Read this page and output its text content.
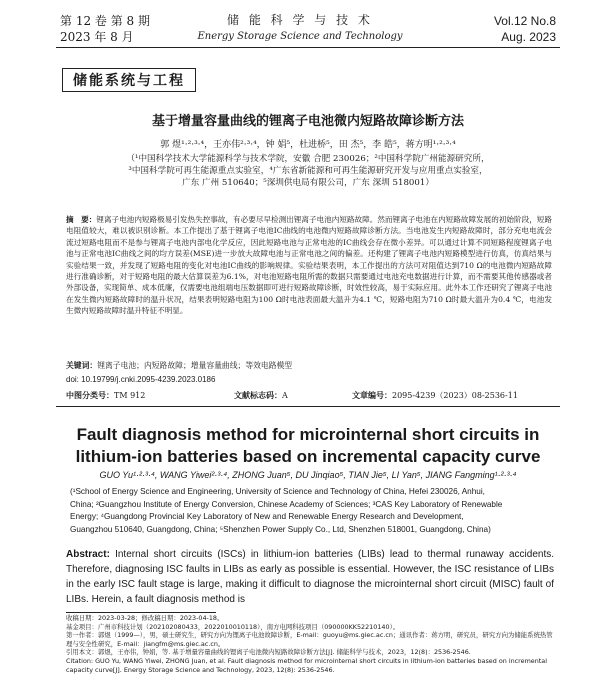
第 12 卷 第 8 期
2023 年 8 月
储 能 科 学 与 技 术
Energy Storage Science and Technology
Vol.12 No.8
Aug. 2023
储能系统与工程
基于增量容量曲线的锂离子电池微内短路故障诊断方法
郭 煜¹·²·³·⁴，王亦伟²·³·⁴，钟 娟⁵，杜进桥⁵，田 杰⁵，李 皓⁵，蒋方明¹·²·³·⁴
（¹中国科学技术大学能源科学与技术学院，安徽 合肥 230026；²中国科学院广州能源研究所，
³中国科学院可再生能源重点实验室，⁴广东省新能源和可再生能源研究开发与应用重点实验室，
广东 广州 510640；⁵深圳供电局有限公司，广东 深圳 518001）
摘　要：锂离子电池内短路极易引发热失控事故，有必要尽早检测出锂离子电池内短路故障。然而锂离子电池在内短路故障发展的初始阶段，短路电阻值较大，难以被识别诊断。本工作提出了基于锂离子电池IC曲线的电池微内短路故障诊断方法。当电池发生内短路故障时，部分充电电流会流过短路电阻而不是参与锂离子电池内部电化学反应，因此短路电池与正常电池的IC曲线会存在微小差异。可以通过计算不同短路程度锂离子电池与正常电池IC曲线之间的均方误差(MSE)进一步放大故障电池与正常电池之间的偏差。还构建了锂离子电池内短路模型进行仿真，仿真结果与实验结果一致，并发现了短路电阻的变化对电池IC曲线的影响规律。实验结果表明，本工作提出的方法可对阻值达到710 Ω的电池微内短路故障进行准确诊断，对于短路电阻的最大估算误差为6.1%，对电池短路电阻所需的数据只需要通过电池充电数据进行计算，而不需要其他传感器或者外部设备，实现简单、成本低廉，仅需要电池组端电压数据即可进行短路故障诊断，时效性较高，易于实际应用。此外本工作还研究了锂离子电池在发生微内短路故障时的温升状况，结果表明短路电阻为100 Ω时电池表面最大温升为4.1 ℃，短路电阻为710 Ω时最大温升为0.4 ℃，电池发生微内短路故障时温升特征不明显。
关键词：锂离子电池；内短路故障；增量容量曲线；等效电路模型
doi: 10.19799/j.cnki.2095-4239.2023.0186
中图分类号：TM 912	文献标志码：A	文章编号：2095-4239（2023）08-2536-11
Fault diagnosis method for microinternal short circuits in
lithium-ion batteries based on incremental capacity curve
GUO Yu¹·²·³·⁴, WANG Yiwei²·³·⁴, ZHONG Juan⁵, DU Jinqiao⁵, TIAN Jie⁵, LI Yan⁵, JIANG Fangming¹·²·³·⁴
(¹School of Energy Science and Engineering, University of Science and Technology of China, Hefei 230026, Anhui,
China; ²Guangzhou Institute of Energy Conversion, Chinese Academy of Sciences; ³CAS Key Laboratory of Renewable
Energy; ⁴Guangdong Provincial Key Laboratory of New and Renewable Energy Research and Development,
Guangzhou 510640, Guangdong, China; ⁵Shenzhen Power Supply Co., Ltd, Shenzhen 518001, Guangdong, China)
Abstract: Internal short circuits (ISCs) in lithium-ion batteries (LIBs) lead to thermal runaway accidents. Therefore, diagnosing ISC faults in LIBs as early as possible is essential. However, the ISC resistance of LIBs in the early ISC fault stage is large, making it difficult to diagnose the microinternal short circuit (MISC) fault of LIBs. Herein, a fault diagnosis method is
收稿日期：2023-03-28；修改稿日期：2023-04-18。
基金项目：广州市科技计划（202102080433，2022010010118），南方电网科技项目（090000KK52210140）。
第一作者：郭煜（1999—），男，硕士研究生，研究方向为锂离子电池故障诊断，E-mail：guoyu@ms.giec.ac.cn；通讯作者：蒋方明，研究员，研究方向为储能系统热管理与安全性研究，E-mail：jiangfm@ms.giec.ac.cn。
引用本文：郭煜，王亦伟，钟娟，等. 基于增量容量曲线的锂离子电池微内短路故障诊断方法[J]. 储能科学与技术，2023，12(8)：2536-2546.
Citation: GUO Yu, WANG Yiwei, ZHONG Juan, et al. Fault diagnosis method for microinternal short circuits in lithium-ion batteries based on incremental capacity curve[J]. Energy Storage Science and Technology, 2023, 12(8): 2536-2546.
